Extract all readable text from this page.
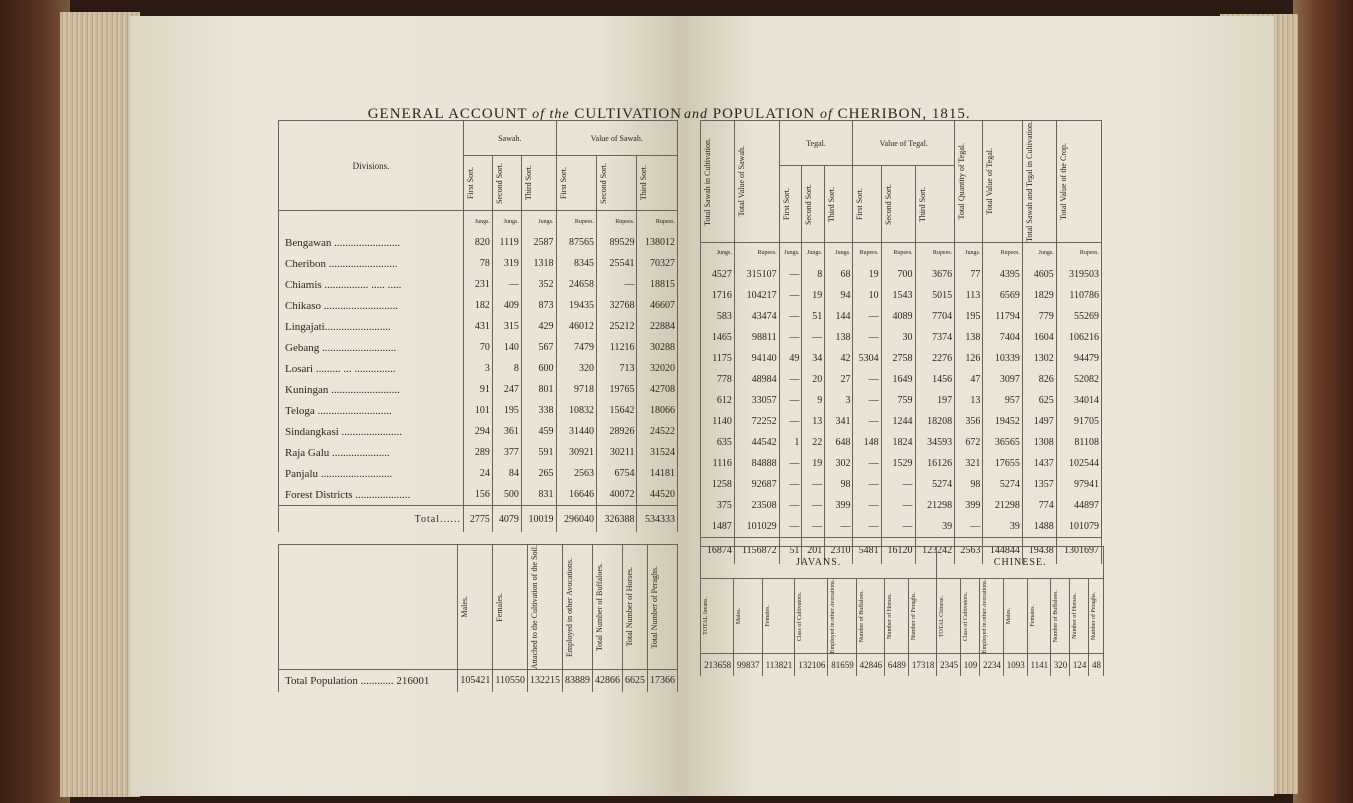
GENERAL ACCOUNT of the CULTIVATION
Divisions.	Sawah.			Value of Sawah.		

	First Sort.	Second Sort.	Third Sort.	First Sort.	Second Sort.	Third Sort.

	Jungs.	Jungs.	Jungs.	Rupees.	Rupees.	Rupees.
Bengawan ........................	820	1119	2587	87565	89529	138012
Cheribon .........................	78	319	1318	8345	25541	70327
Chiamis ................ ..... .....	231	—	352	24658	—	18815
Chikaso ...........................	182	409	873	19435	32768	46607
Lingajati........................	431	315	429	46012	25212	22884
Gebang ...........................	70	140	567	7479	11216	30288
Losari ......... ... ...............	3	8	600	320	713	32020
Kuningan .........................	91	247	801	9718	19765	42708
Teloga ...........................	101	195	338	10832	15642	18066
Sindangkasi ......................	294	361	459	31440	28926	24522
Raja Galu .....................	289	377	591	30921	30211	31524
Panjalu ..........................	24	84	265	2563	6754	14181
Forest Districts ....................	156	500	831	16646	40072	44520
Total......	2775	4079	10019	296040	326388	534333

	Males.	Females.	Attached to the Cultivation of the Soil.	Employed in other Avocations.	Total Number of Buffaloes.	Total Number of Horses.	Total Number of Peraghs.

Total Population ............ 216001	105421	110550	132215	83889	42866	6625	17366
and POPULATION of CHERIBON, 1815.
Total Sawah in Cultivation.	Total Value of Sawah.	Tegal.			Value of Tegal.			Total Quantity of Tegal.	Total Value of Tegal.	Total Sawah and Tegal in Cultivation.	Total Value of the Crop.

		First Sort.	Second Sort.	Third Sort.	First Sort.	Second Sort.	Third Sort.				

Jungs.	Rupees.	Jungs.	Jungs.	Jungs.	Rupees.	Rupees.	Rupees.	Jungs.	Rupees.	Jungs.	Rupees.
4527	315107	—	8	68	19	700	3676	77	4395	4605	319503
1716	104217	—	19	94	10	1543	5015	113	6569	1829	110786
583	43474	—	51	144	—	4089	7704	195	11794	779	55269
1465	98811	—	—	138	—	30	7374	138	7404	1604	106216
1175	94140	49	34	42	5304	2758	2276	126	10339	1302	94479
778	48984	—	20	27	—	1649	1456	47	3097	826	52082
612	33057	—	9	3	—	759	197	13	957	625	34014
1140	72252	—	13	341	—	1244	18208	356	19452	1497	91705
635	44542	1	22	648	148	1824	34593	672	36565	1308	81108
1116	84888	—	19	302	—	1529	16126	321	17655	1437	102544
1258	92687	—	—	98	—	—	5274	98	5274	1357	97941
375	23508	—	—	399	—	—	21298	399	21298	774	44897
1487	101029	—	—	—	—	—	39	—	39	1488	101079
16874	1156872	51	201	2310	5481	16120	123242	2563	144844	19438	1301697
JAVANS.								CHINESE.							

TOTAL Javans.	Males.	Females.	Class of Cultivators.	Employed in other Avocations.	Number of Buffaloes.	Number of Horses.	Number of Peraghs.	TOTAL Chinese.	Class of Cultivators.	Employed in other Avocations.	Males.	Females.	Number of Buffaloes.	Number of Horses.	Number of Peraghs.

213658	99837	113821	132106	81659	42846	6489	17318	2345	109	2234	1093	1141	320	124	48
